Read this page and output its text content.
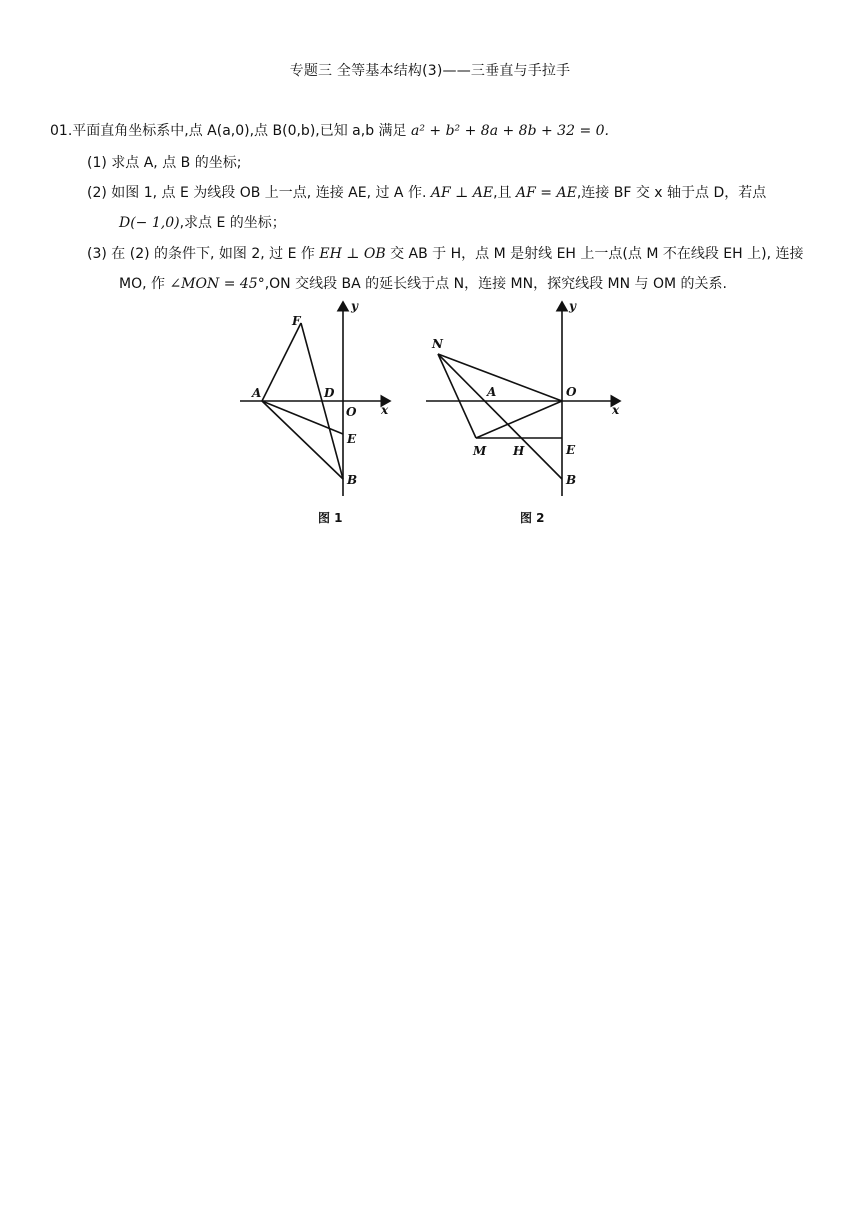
专题三 全等基本结构(3)——三垂直与手拉手
01.平面直角坐标系中,点 A(a,0),点 B(0,b),已知 a,b 满足 a² + b² + 8a + 8b + 32 = 0.
(1) 求点 A, 点 B 的坐标;
(2) 如图 1, 点 E 为线段 OB 上一点, 连接 AE, 过 A 作. AF ⊥ AE,且 AF = AE,连接 BF 交 x 轴于点 D，若点
D(− 1,0),求点 E 的坐标；
(3) 在 (2) 的条件下, 如图 2, 过 E 作 EH ⊥ OB 交 AB 于 H，点 M 是射线 EH 上一点(点 M 不在线段 EH 上), 连接
MO, 作 ∠MON = 45°,ON 交线段 BA 的延长线于点 N，连接 MN，探究线段 MN 与 OM 的关系.
F
A	D
O x
y
E
B
图 1
N
A	O
x
y
M H	E
B
图 2
